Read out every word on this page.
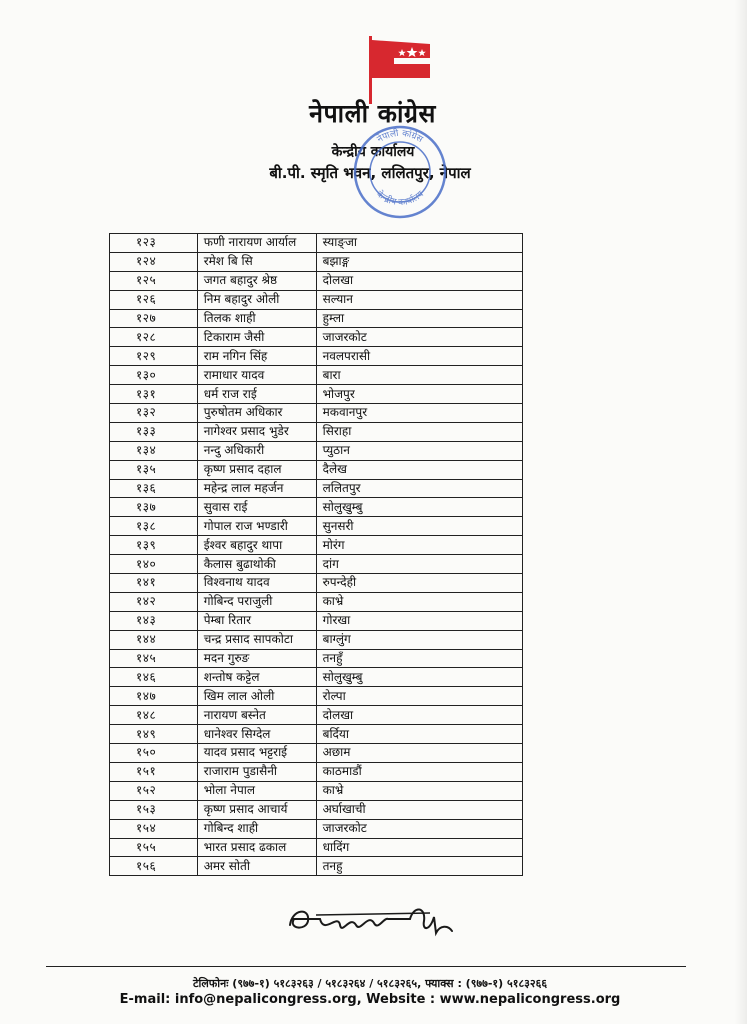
नेपाली कांग्रेस
केन्द्रीय कार्यालय
बी.पी. स्मृति भवन, ललितपुर, नेपाल
नेपाली कांग्रेस
केन्द्रीय कार्यालय
१२३	फणी नारायण आर्याल	स्याङ्जा
१२४	रमेश बि सि	बझाङ्ग
१२५	जगत बहादुर श्रेष्ठ	दोलखा
१२६	निम बहादुर ओली	सल्यान
१२७	तिलक शाही	हुम्ला
१२८	टिकाराम जैसी	जाजरकोट
१२९	राम नगिन सिंह	नवलपरासी
१३०	रामाधार यादव	बारा
१३१	धर्म राज राई	भोजपुर
१३२	पुरुषोतम अधिकार	मकवानपुर
१३३	नागेश्वर प्रसाद भुडेर	सिराहा
१३४	नन्दु अधिकारी	प्युठान
१३५	कृष्ण प्रसाद दहाल	दैलेख
१३६	महेन्द्र लाल महर्जन	ललितपुर
१३७	सुवास राई	सोलुखुम्बु
१३८	गोपाल राज भण्डारी	सुनसरी
१३९	ईश्वर बहादुर थापा	मोरंग
१४०	कैलास बुढाथोकी	दांग
१४१	विश्वनाथ यादव	रुपन्देही
१४२	गोबिन्द पराजुली	काभ्रे
१४३	पेम्बा रितार	गोरखा
१४४	चन्द्र प्रसाद सापकोटा	बाग्लुंग
१४५	मदन गुरुङ	तनहुँ
१४६	शन्तोष कट्टेल	सोलुखुम्बु
१४७	खिम लाल ओली	रोल्पा
१४८	नारायण बस्नेत	दोलखा
१४९	धानेश्वर सिग्देल	बर्दिया
१५०	यादव प्रसाद भट्टराई	अछाम
१५१	राजाराम पुडासैनी	काठमाडौं
१५२	भोला नेपाल	काभ्रे
१५३	कृष्ण प्रसाद आचार्य	अर्घाखाची
१५४	गोबिन्द शाही	जाजरकोट
१५५	भारत प्रसाद ढकाल	धादिंग
१५६	अमर सोती	तनहु
टेलिफोनः (९७७-१) ५१८३२६३ / ५१८३२६४ / ५१८३२६५, फ्याक्स : (९७७-१) ५१८३२६६
E-mail: info@nepalicongress.org, Website : www.nepalicongress.org
